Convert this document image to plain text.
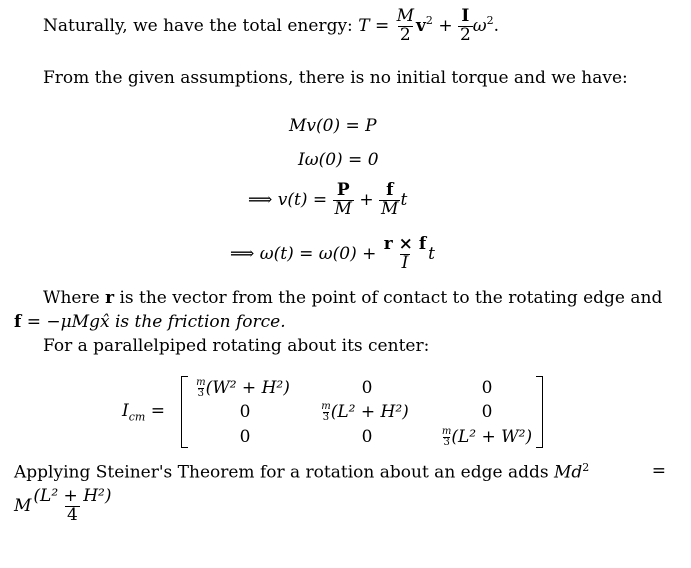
Naturally, we have the total energy: $T = \frac{M}{2} v^2 + \frac{I}{2} \omega^2$.
From the given assumptions, there is no initial torque and we have:
Mv(0) = P
Iω(0) = 0
⟹ $v(t) = \frac{P}{M} + \frac{f}{M}$ t
⟹ $\omega(t) = \omega(0) + \frac{r \times f}{I}$ t
Where r is the vector from the point of contact to the rotating edge and
f = −μMgx̂ is the friction force.
For a parallelpiped rotating about its center:
$I_{cm}$ =
$\frac{m}{3} (W^2 + H^2)$	0	0
0	$\frac{m}{3} (L^2 + H^2)$	0
0	0	$\frac{m}{3} (L^2 + W^2)$
Applying Steiner's Theorem for a rotation about an edge adds $Md^2$	=
M $\frac{\text{(L² + H²)}}{4}$
